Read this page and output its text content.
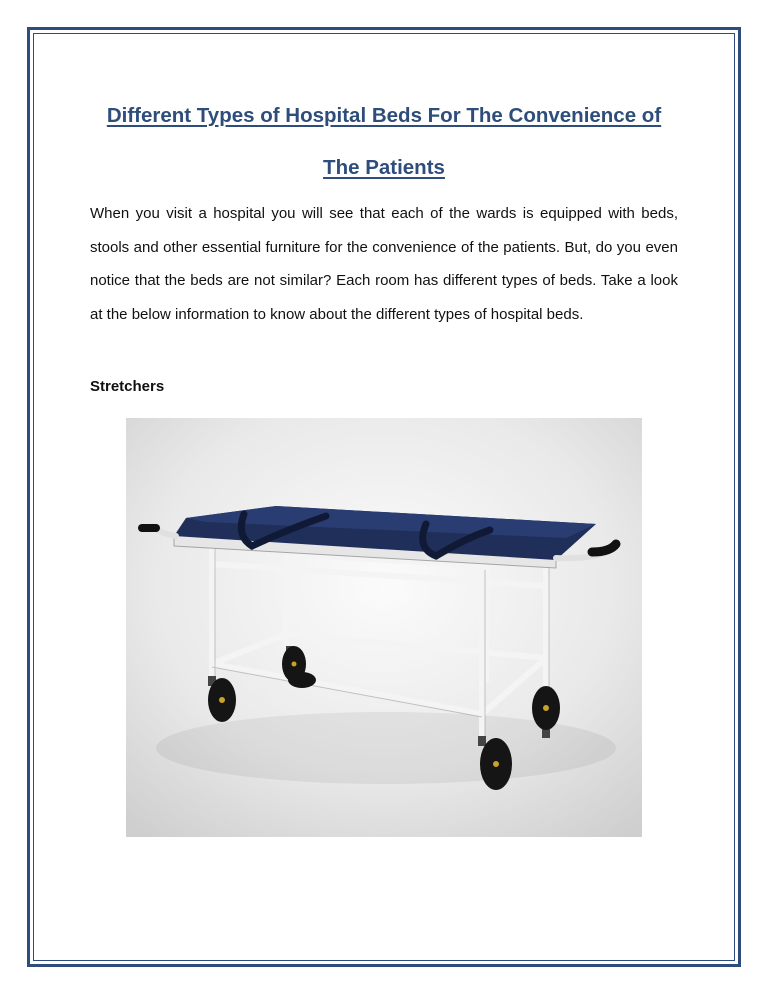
Different Types of Hospital Beds For The Convenience of The Patients

When you visit a hospital you will see that each of the wards is equipped with beds, stools and other essential furniture for the convenience of the patients. But, do you even notice that the beds are not similar? Each room has different types of beds. Take a look at the below information to know about the different types of hospital beds.

Stretchers
